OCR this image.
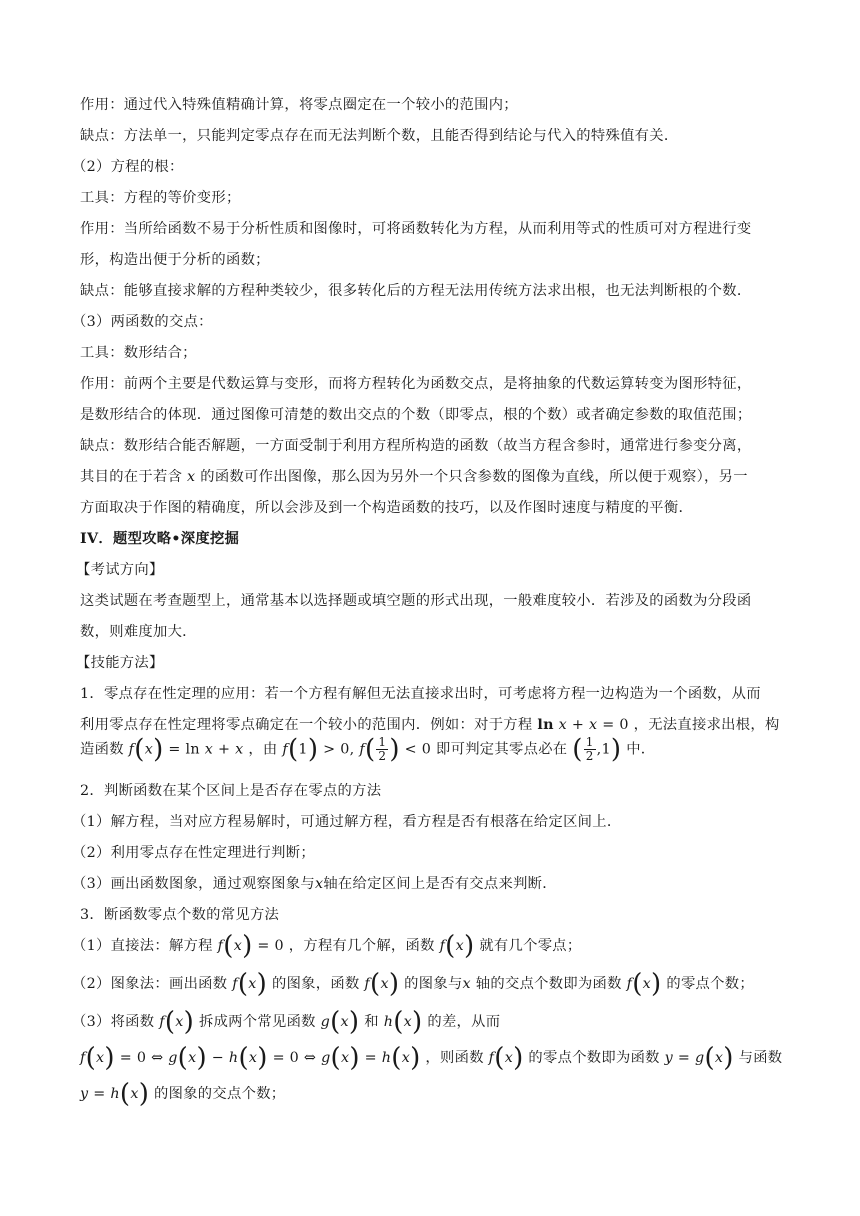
作用：通过代入特殊值精确计算，将零点圈定在一个较小的范围内；

缺点：方法单一，只能判定零点存在而无法判断个数，且能否得到结论与代入的特殊值有关．

（2）方程的根：

工具：方程的等价变形；

作用：当所给函数不易于分析性质和图像时，可将函数转化为方程，从而利用等式的性质可对方程进行变

形，构造出便于分析的函数；

缺点：能够直接求解的方程种类较少，很多转化后的方程无法用传统方法求出根，也无法判断根的个数．

（3）两函数的交点：

工具：数形结合；

作用：前两个主要是代数运算与变形，而将方程转化为函数交点，是将抽象的代数运算转变为图形特征，

是数形结合的体现．通过图像可清楚的数出交点的个数（即零点，根的个数）或者确定参数的取值范围；

缺点：数形结合能否解题，一方面受制于利用方程所构造的函数（故当方程含参时，通常进行参变分离，

其目的在于若含 x 的函数可作出图像，那么因为另外一个只含参数的图像为直线，所以便于观察），另一

方面取决于作图的精确度，所以会涉及到一个构造函数的技巧，以及作图时速度与精度的平衡．

IV．题型攻略•深度挖掘

【考试方向】

这类试题在考查题型上，通常基本以选择题或填空题的形式出现，一般难度较小．若涉及的函数为分段函

数，则难度加大．

【技能方法】

1．零点存在性定理的应用：若一个方程有解但无法直接求出时，可考虑将方程一边构造为一个函数，从而

利用零点存在性定理将零点确定在一个较小的范围内．例如：对于方程 ln x + x = 0 ，无法直接求出根，构

造函数 f(x) = ln x + x ，由 f(1) > 0, $f( \frac{1}{2}$ ) < 0 即可判定其零点必在 ( $\frac{1}{2} ,1$) 中．

2．判断函数在某个区间上是否存在零点的方法

（1）解方程，当对应方程易解时，可通过解方程，看方程是否有根落在给定区间上．

（2）利用零点存在性定理进行判断；

（3）画出函数图象，通过观察图象与x轴在给定区间上是否有交点来判断．

3．断函数零点个数的常见方法

（1）直接法：解方程 f(x) = 0 ，方程有几个解，函数 f(x) 就有几个零点；

（2）图象法：画出函数 f(x) 的图象，函数 f(x) 的图象与x 轴的交点个数即为函数 f(x) 的零点个数；

（3）将函数 f(x) 拆成两个常见函数 g(x) 和 h(x) 的差，从而

f(x) = 0 ⇔ g(x) − h(x) = 0 ⇔ g(x) = h(x) ，则函数 f(x) 的零点个数即为函数 y = g(x) 与函数

y = h(x) 的图象的交点个数；
